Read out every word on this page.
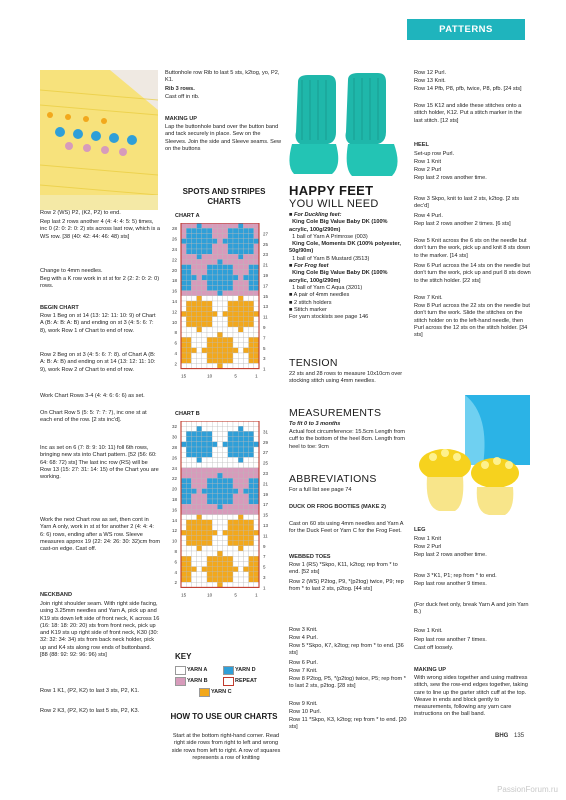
PATTERNS

Row 2 (WS) P2, (K2, P2) to end.

Rep last 2 rows another 4 (4: 4: 4: 5: 5) times, inc 0 (2: 0: 2: 0: 2) sts across last row, which is a WS row. [38 (40: 42: 44: 46: 48) sts]

Change to 4mm needles.

Beg with a K row work in st st for 2 (2: 2: 0: 2: 0) rows.

BEGIN CHART

Row 1 Beg on st 14 (13: 12: 11: 10: 9) of Chart A (B: A: B: A: B) and ending on st 3 (4: 5: 6: 7: 8), work Row 1 of Chart to end of row.

Row 2 Beg on st 3 (4: 5: 6: 7: 8). of Chart A (B: A: B: A: B) and ending on st 14 (13: 12: 11: 10: 9), work Row 2 of Chart to end of row.

Work Chart Rows 3-4 (4: 4: 6: 6: 6) as set.

On Chart Row 5 (5: 5: 7: 7: 7), inc one st at each end of the row. [2 sts inc'd].

Inc as set on 6 (7: 8: 9: 10: 11) foll 6th rows, bringing new sts into Chart pattern. [52 (56: 60: 64: 68: 72) sts] The last inc row (RS) will be Row 13 (15: 27: 31: 14: 15) of the Chart you are working.

Work the next Chart row as set, then cont in Yarn A only, work in st st for another 2 (4: 4: 4: 6: 6) rows, ending after a WS row. Sleeve measures approx 19 (22: 24: 26: 30: 32)cm from cast-on edge. Cast off.

NECKBAND

Join right shoulder seam. With right side facing, using 3.25mm needles and Yarn A, pick up and K19 sts down left side of front neck, K across 16 (16: 18: 18: 20: 20) sts from front neck, pick up and K19 sts up right side of front neck, K30 (30: 32: 32: 34: 34) sts from back neck holder, pick up and K4 sts along row ends of buttonband. [88 (88: 92: 92: 96: 96) sts]

Row 1 K1, (P2, K2) to last 3 sts, P2, K1.

Row 2 K3, (P2, K2) to last 5 sts, P2, K3.

Buttonhole row Rib to last 5 sts, k2tog, yo, P2, K1.

Rib 3 rows.

Cast off in rib.

MAKING UP

Lap the buttonhole band over the button band and tack securely in place. Sew on the Sleeves. Join the side and Sleeve seams. Sew on the buttons

SPOTS AND STRIPES CHARTS
CHART A
28
26
24
22
20
18
16
14
12
10
8
6
4
2
27
25
23
21
19
17
15
13
11
9
7
5
3
1
15	10	5	1
CHART B
32
30
28
26
24
22
20
18
16
14
12
10
8
6
4
2
31
29
27
25
23
21
19
17
15
13
11
9
7
5
3
1
15	10	5	1
KEY
YARN A	YARN D
YARN B	REPEAT
YARN C
HOW TO USE OUR CHARTS

Start at the bottom right-hand corner. Read right side rows from right to left and wrong side rows from left to right. A row of squares represents a row of knitting

HAPPY FEET
YOU WILL NEED

■ For Duckling feet:
King Cole Big Value Baby DK (100% acrylic, 100g/290m)
1 ball of Yarn A Primrose (003)
King Cole, Moments DK (100% polyester, 50g/90m)
1 ball of Yarn B Mustard (3513)
■ For Frog feet
King Cole Big Value Baby DK (100% acrylic, 100g/290m)
1 ball of Yarn C Aqua (3201)
■ A pair of 4mm needles
■ 2 stitch holders
■ Stitch marker
For yarn stockists see page 146

TENSION

22 sts and 28 rows to measure 10x10cm over stocking stitch using 4mm needles.

MEASUREMENTS

To fit 0 to 3 months

Actual foot circumference: 15.5cm Length from cuff to the bottom of the heel 8cm. Length from heel to toe: 9cm

ABBREVIATIONS

For a full list see page 74

DUCK OR FROG BOOTIES (MAKE 2)

Cast on 60 sts using 4mm needles and Yarn A for the Duck Feet or Yarn C for the Frog Feet.

WEBBED TOES

Row 1 (RS) *Skpo, K11, k2tog; rep from * to end. [52 sts]

Row 2 (WS) P2tog, P9, *(p2tog) twice, P9; rep from * to last 2 sts, p2tog. [44 sts]

Row 3 Knit.

Row 4 Purl.

Row 5 *Skpo, K7, k2tog; rep from * to end. [36 sts]

Row 6 Purl.

Row 7 Knit.

Row 8 P2tog, P5, *(p2tog) twice, P5; rep from * to last 2 sts, p2tog. [28 sts]

Row 9 Knit.

Row 10 Purl.

Row 11 *Skpo, K3, k2tog; rep from * to end. [20 sts]

Row 12 Purl.

Row 13 Knit.

Row 14 Pfb, P8, pfb, twice, P8, pfb. [24 sts]

Row 15 K12 and slide these stitches onto a stitch holder, K12. Put a stitch marker in the last stitch. [12 sts]

HEEL

Set-up row Purl.

Row 1 Knit

Row 2 Purl

Rep last 2 rows another time.

Row 3 Skpo, knit to last 2 sts, k2tog. [2 sts dec'd]

Row 4 Purl.

Rep last 2 rows another 2 times. [6 sts]

Row 5 Knit across the 6 sts on the needle but don't turn the work, pick up and knit 8 sts down to the marker. [14 sts]

Row 6 Purl across the 14 sts on the needle but don't turn the work, pick up and purl 8 sts down to the stitch holder. [22 sts]

Row 7 Knit.

Row 8 Purl across the 22 sts on the needle but don't turn the work. Slide the stitches on the stitch holder on to the left-hand needle, then Purl across the 12 sts on the stitch holder. [34 sts]

LEG

Row 1 Knit

Row 2 Purl

Rep last 2 rows another time.

Row 3 *K1, P1; rep from * to end.

Rep last row another 9 times.

(For duck feet only, break Yarn A and join Yarn B.)

Row 1 Knit.

Rep last row another 7 times.

Cast off loosely.

MAKING UP

With wrong sides together and using mattress stitch, sew the row-end edges together, taking care to line up the garter stitch cuff at the top. Weave in ends and block gently to measurements, following any yarn care instructions on the ball band.

BHG 135
PassionForum.ru
